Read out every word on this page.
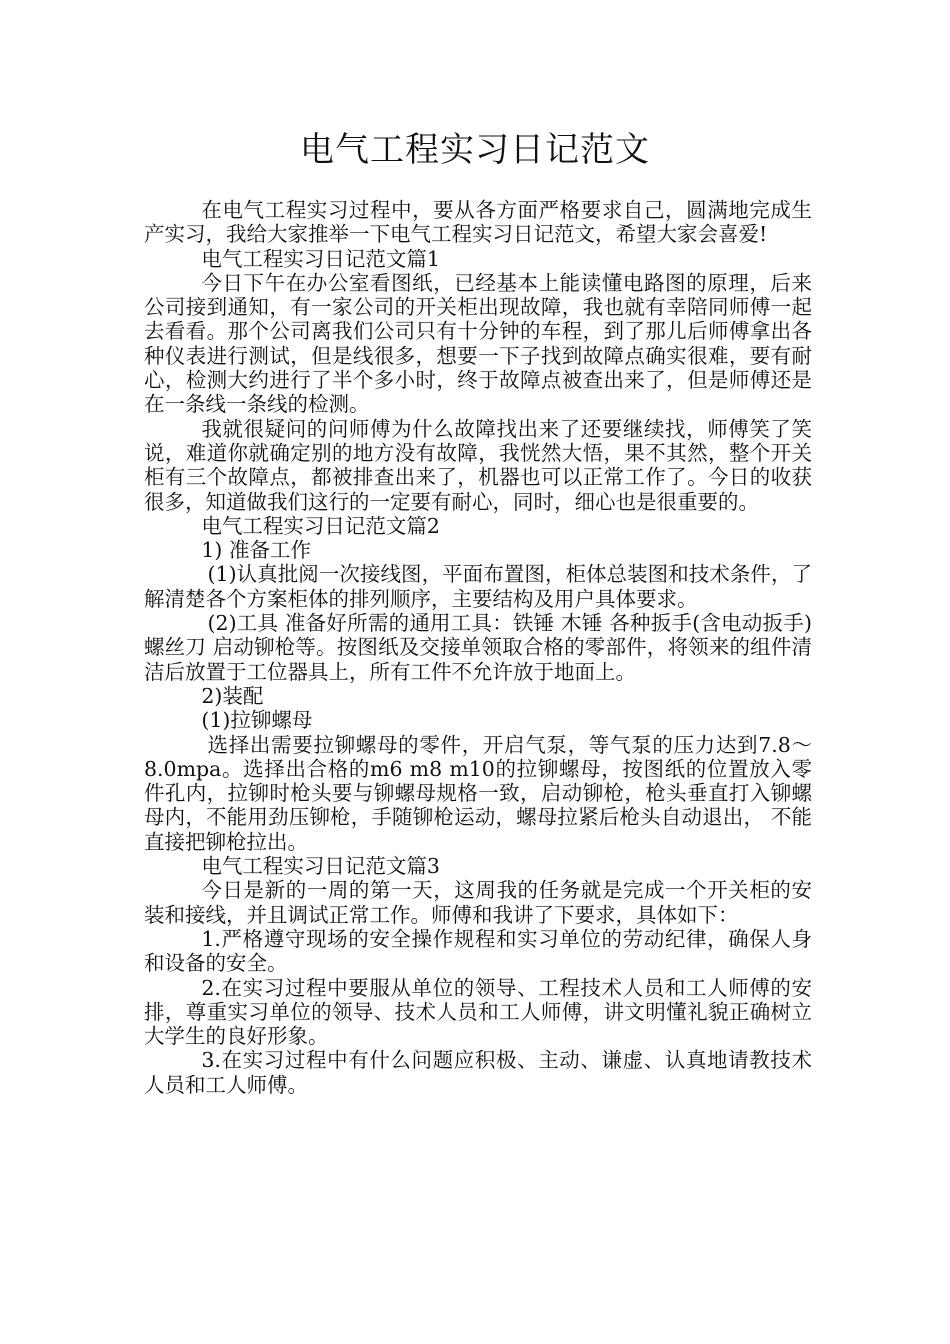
电气工程实习日记范文

在电气工程实习过程中，要从各方面严格要求自己，圆满地完成生产实习，我给大家推举一下电气工程实习日记范文，希望大家会喜爱!

电气工程实习日记范文篇1

今日下午在办公室看图纸，已经基本上能读懂电路图的原理，后来公司接到通知，有一家公司的开关柜出现故障，我也就有幸陪同师傅一起去看看。那个公司离我们公司只有十分钟的车程，到了那儿后师傅拿出各种仪表进行测试，但是线很多，想要一下子找到故障点确实很难，要有耐心，检测大约进行了半个多小时，终于故障点被查出来了，但是师傅还是在一条线一条线的检测。

我就很疑问的问师傅为什么故障找出来了还要继续找，师傅笑了笑说，难道你就确定别的地方没有故障，我恍然大悟，果不其然，整个开关柜有三个故障点，都被排查出来了，机器也可以正常工作了。今日的收获很多，知道做我们这行的一定要有耐心，同时，细心也是很重要的。

电气工程实习日记范文篇2

1) 准备工作

(1)认真批阅一次接线图，平面布置图，柜体总装图和技术条件，了解清楚各个方案柜体的排列顺序，主要结构及用户具体要求。

(2)工具 准备好所需的通用工具：铁锤 木锤 各种扳手(含电动扳手)螺丝刀 启动铆枪等。按图纸及交接单领取合格的零部件，将领来的组件清洁后放置于工位器具上，所有工件不允许放于地面上。

2)装配

(1)拉铆螺母

选择出需要拉铆螺母的零件，开启气泵，等气泵的压力达到7.8～8.0mpa。选择出合格的m6 m8 m10的拉铆螺母，按图纸的位置放入零件孔内，拉铆时枪头要与铆螺母规格一致，启动铆枪，枪头垂直打入铆螺母内，不能用劲压铆枪，手随铆枪运动，螺母拉紧后枪头自动退出， 不能直接把铆枪拉出。

电气工程实习日记范文篇3

今日是新的一周的第一天，这周我的任务就是完成一个开关柜的安装和接线，并且调试正常工作。师傅和我讲了下要求，具体如下：

1.严格遵守现场的安全操作规程和实习单位的劳动纪律，确保人身和设备的安全。

2.在实习过程中要服从单位的领导、工程技术人员和工人师傅的安排，尊重实习单位的领导、技术人员和工人师傅，讲文明懂礼貌正确树立大学生的良好形象。

3.在实习过程中有什么问题应积极、主动、谦虚、认真地请教技术人员和工人师傅。
